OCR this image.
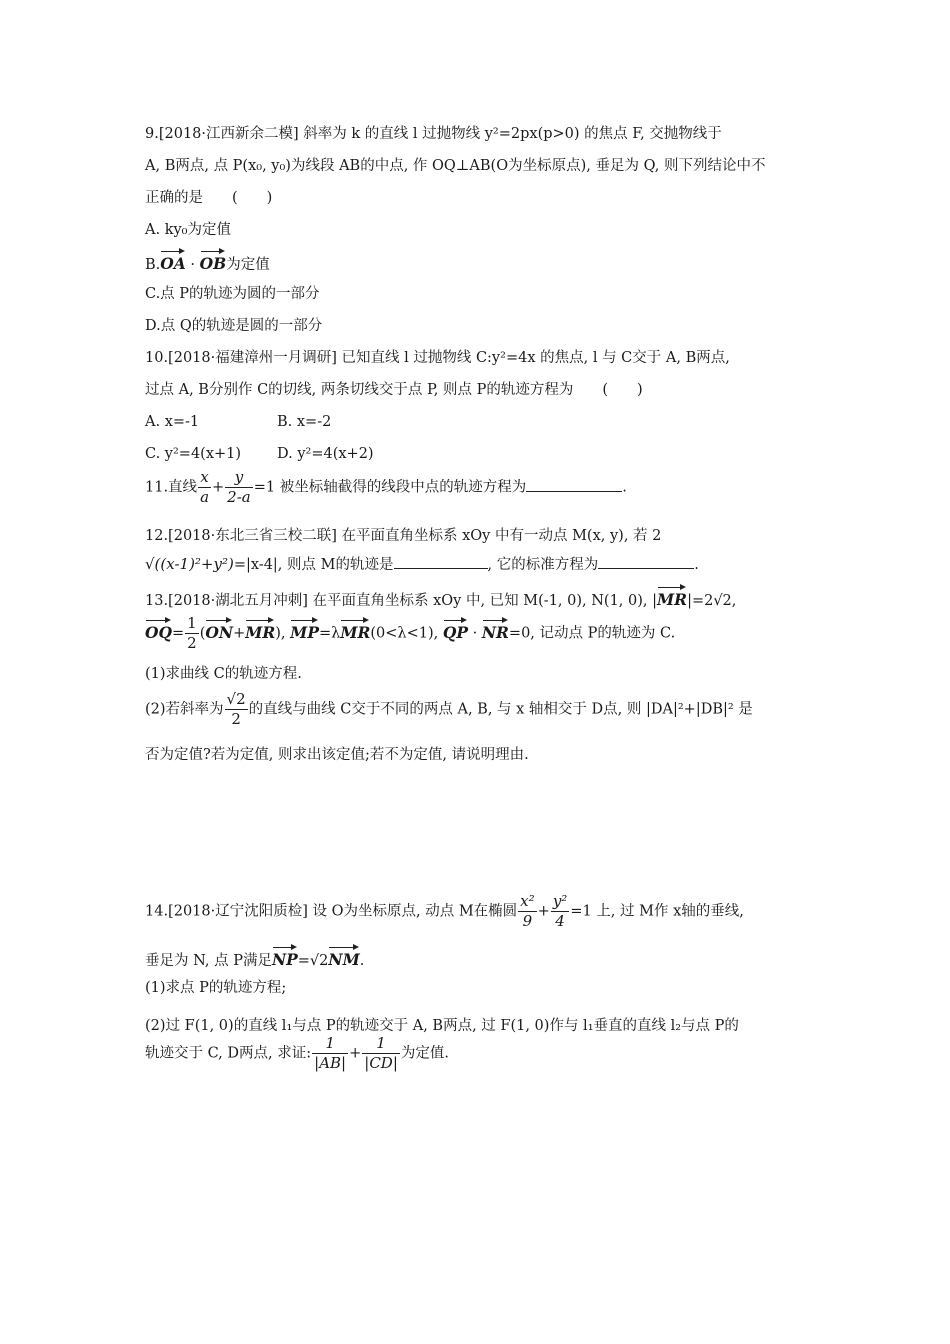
9.[2018·江西新余二模] 斜率为 k 的直线 l 过抛物线 y²=2px(p>0) 的焦点 F, 交抛物线于
A, B两点, 点 P(x₀, y₀)为线段 AB的中点, 作 OQ⊥AB(O为坐标原点), 垂足为 Q, 则下列结论中不
正确的是　　(　　)
A. ky₀为定值
B.OA · OB为定值
C.点 P的轨迹为圆的一部分
D.点 Q的轨迹是圆的一部分
10.[2018·福建漳州一月调研] 已知直线 l 过抛物线 C:y²=4x 的焦点, l 与 C交于 A, B两点,
过点 A, B分别作 C的切线, 两条切线交于点 P, 则点 P的轨迹方程为　　(　　)
A. x=-1	B. x=-2
C. y²=4(x+1) D. y²=4(x+2)
11.直线 $\frac{x}{a} + \frac{y}{2-a} =1$ 被坐标轴截得的线段中点的轨迹方程为	.
12.[2018·东北三省三校二联] 在平面直角坐标系 xOy 中有一动点 M(x, y), 若 2
√((x-1)²+y²)=|x-4|, 则点 M的轨迹是	, 它的标准方程为	.
13.[2018·湖北五月冲刺] 在平面直角坐标系 xOy 中, 已知 M(-1, 0), N(1, 0), |MR|=2√2,
$OQ= \frac{1}{2} (ON+MR)$, MP=λMR(0<λ<1), QP · NR=0, 记动点 P的轨迹为 C.
(1)求曲线 C的轨迹方程.
(2)若斜率为 $\frac{√2}{2}$ 的直线与曲线 C交于不同的两点 A, B, 与 x 轴相交于 D点, 则 |DA|²+|DB|² 是
否为定值?若为定值, 则求出该定值;若不为定值, 请说明理由.
14.[2018·辽宁沈阳质检] 设 O为坐标原点, 动点 M在椭圆 $\frac{\text{x²}}{9} + \frac{\text{y²}}{4} =1$ 上, 过 M作 x轴的垂线,
垂足为 N, 点 P满足NP=√2NM.
(1)求点 P的轨迹方程;
(2)过 F(1, 0)的直线 l₁与点 P的轨迹交于 A, B两点, 过 F(1, 0)作与 l₁垂直的直线 l₂与点 P的
轨迹交于 C, D两点, 求证: $\frac{1}{|AB|} + \frac{1}{|CD|}$ 为定值.
